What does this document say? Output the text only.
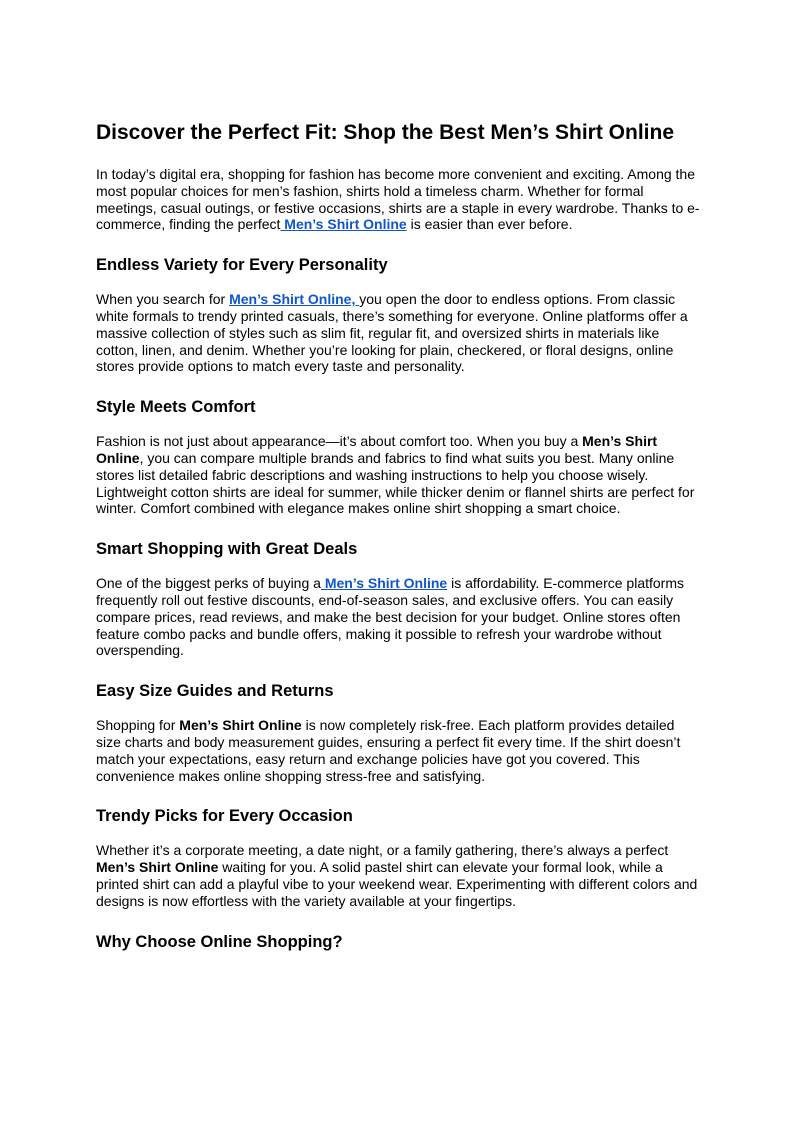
Discover the Perfect Fit: Shop the Best Men’s Shirt Online

In today’s digital era, shopping for fashion has become more convenient and exciting. Among the most popular choices for men’s fashion, shirts hold a timeless charm. Whether for formal meetings, casual outings, or festive occasions, shirts are a staple in every wardrobe. Thanks to e-commerce, finding the perfect Men’s Shirt Online is easier than ever before.

Endless Variety for Every Personality

When you search for Men’s Shirt Online, you open the door to endless options. From classic white formals to trendy printed casuals, there’s something for everyone. Online platforms offer a massive collection of styles such as slim fit, regular fit, and oversized shirts in materials like cotton, linen, and denim. Whether you’re looking for plain, checkered, or floral designs, online stores provide options to match every taste and personality.

Style Meets Comfort

Fashion is not just about appearance—it’s about comfort too. When you buy a Men’s Shirt Online, you can compare multiple brands and fabrics to find what suits you best. Many online stores list detailed fabric descriptions and washing instructions to help you choose wisely. Lightweight cotton shirts are ideal for summer, while thicker denim or flannel shirts are perfect for winter. Comfort combined with elegance makes online shirt shopping a smart choice.

Smart Shopping with Great Deals

One of the biggest perks of buying a Men’s Shirt Online is affordability. E-commerce platforms frequently roll out festive discounts, end-of-season sales, and exclusive offers. You can easily compare prices, read reviews, and make the best decision for your budget. Online stores often feature combo packs and bundle offers, making it possible to refresh your wardrobe without overspending.

Easy Size Guides and Returns

Shopping for Men’s Shirt Online is now completely risk-free. Each platform provides detailed size charts and body measurement guides, ensuring a perfect fit every time. If the shirt doesn’t match your expectations, easy return and exchange policies have got you covered. This convenience makes online shopping stress-free and satisfying.

Trendy Picks for Every Occasion

Whether it’s a corporate meeting, a date night, or a family gathering, there’s always a perfect Men’s Shirt Online waiting for you. A solid pastel shirt can elevate your formal look, while a printed shirt can add a playful vibe to your weekend wear. Experimenting with different colors and designs is now effortless with the variety available at your fingertips.

Why Choose Online Shopping?
